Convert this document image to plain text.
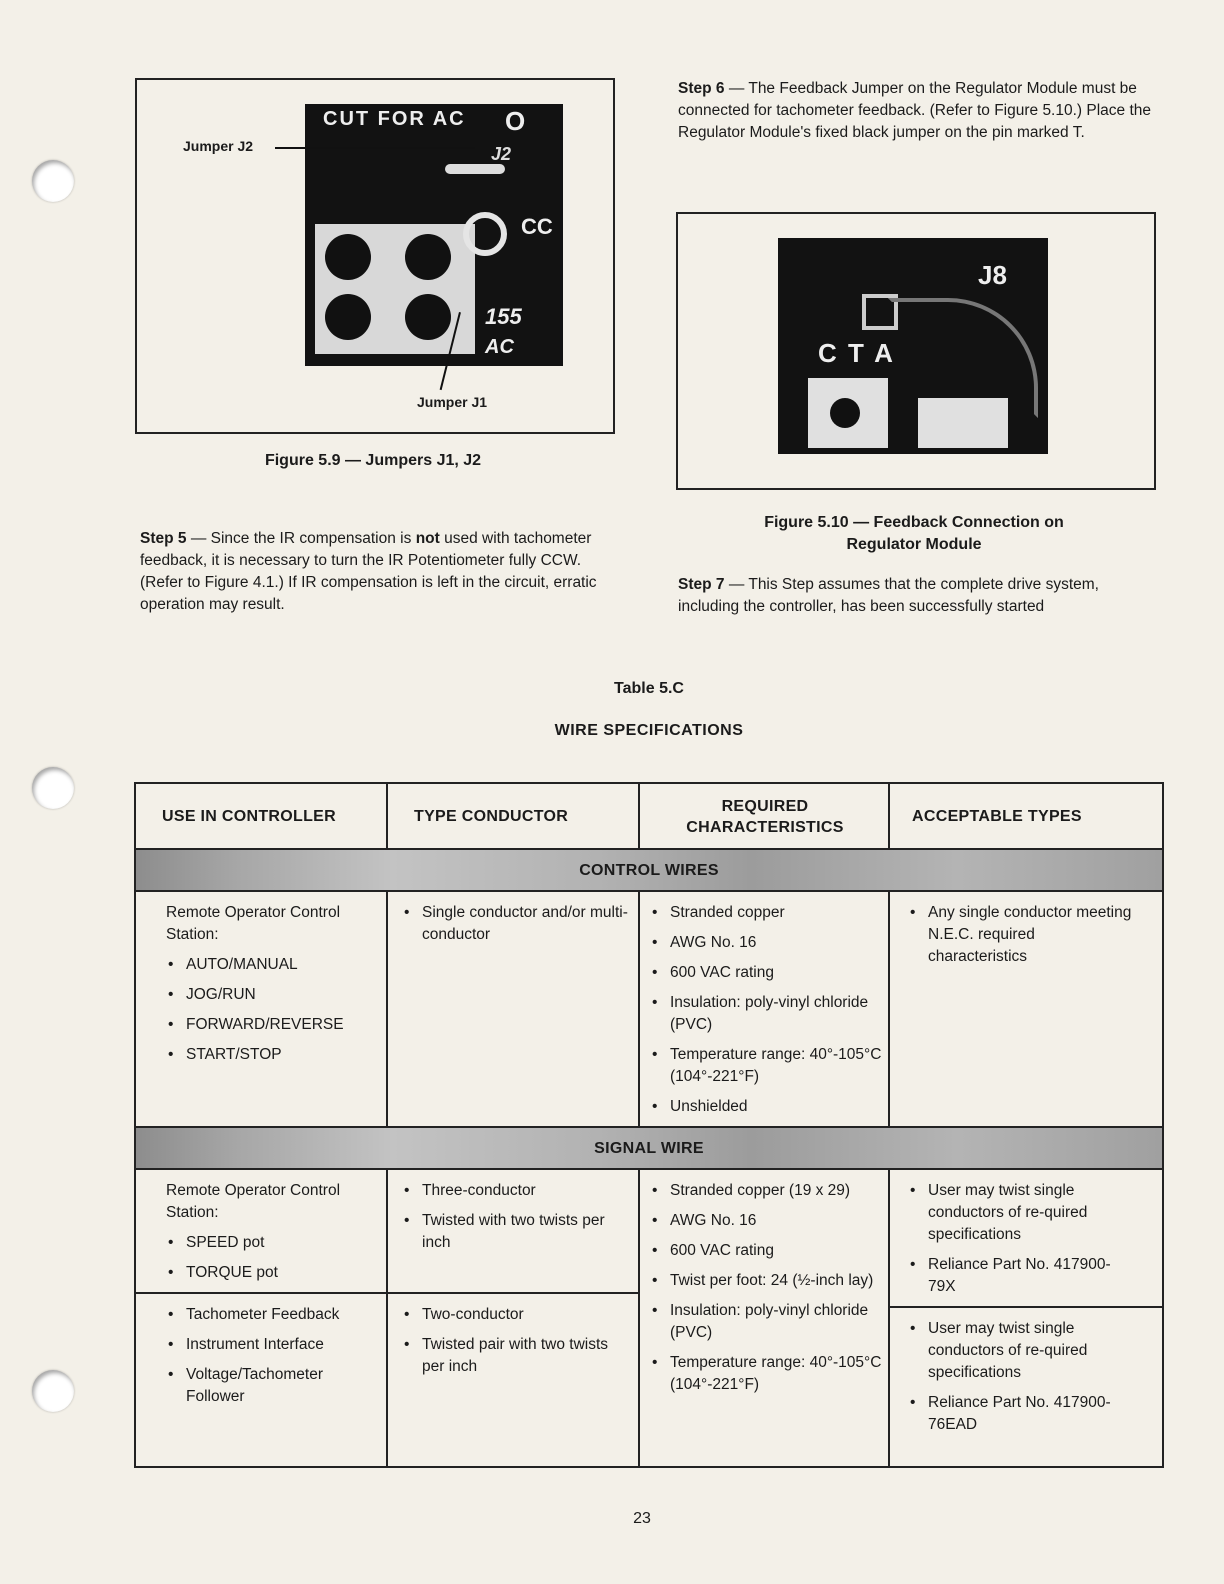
CUT FOR AC O
J2
CC
155
AC
Jumper J2
Jumper J1
Figure 5.9 — Jumpers J1, J2
Step 6 — The Feedback Jumper on the Regulator Module must be connected for tachometer feedback. (Refer to Figure 5.10.) Place the Regulator Module's fixed black jumper on the pin marked T.
J8
C T A
Figure 5.10 — Feedback Connection on
Regulator Module
Step 5 — Since the IR compensation is not used with tachometer feedback, it is necessary to turn the IR Potentiometer fully CCW. (Refer to Figure 4.1.) If IR compensation is left in the circuit, erratic operation may result.
Step 7 — This Step assumes that the complete drive system, including the controller, has been successfully started
Table 5.C
WIRE SPECIFICATIONS
USE IN CONTROLLER	TYPE CONDUCTOR
REQUIRED
CHARACTERISTICS
ACCEPTABLE TYPES
CONTROL WIRES

Remote Operator Control Station:

• AUTO/MANUAL
• JOG/RUN
• FORWARD/REVERSE
• START/STOP
• Single conductor and/or multi-conductor
• Stranded copper
• AWG No. 16
• 600 VAC rating
• Insulation: poly-vinyl chloride (PVC)
• Temperature range: 40°-105°C (104°-221°F)
• Unshielded
• Any single conductor meeting N.E.C. required characteristics
SIGNAL WIRE

Remote Operator Control Station:

• SPEED pot
• TORQUE pot
• Three-conductor
• Twisted with two twists per inch
• Stranded copper (19 x 29)
• AWG No. 16
• 600 VAC rating
• Twist per foot: 24 (½-inch lay)
• Insulation: poly-vinyl chloride (PVC)
• Temperature range: 40°-105°C (104°-221°F)
• User may twist single conductors of re-quired specifications
• Reliance Part No. 417900-79X
• Tachometer Feedback
• Instrument Interface
• Voltage/Tachometer Follower
• Two-conductor
• Twisted pair with two twists per inch
• User may twist single conductors of re-quired specifications
• Reliance Part No. 417900-76EAD
23
